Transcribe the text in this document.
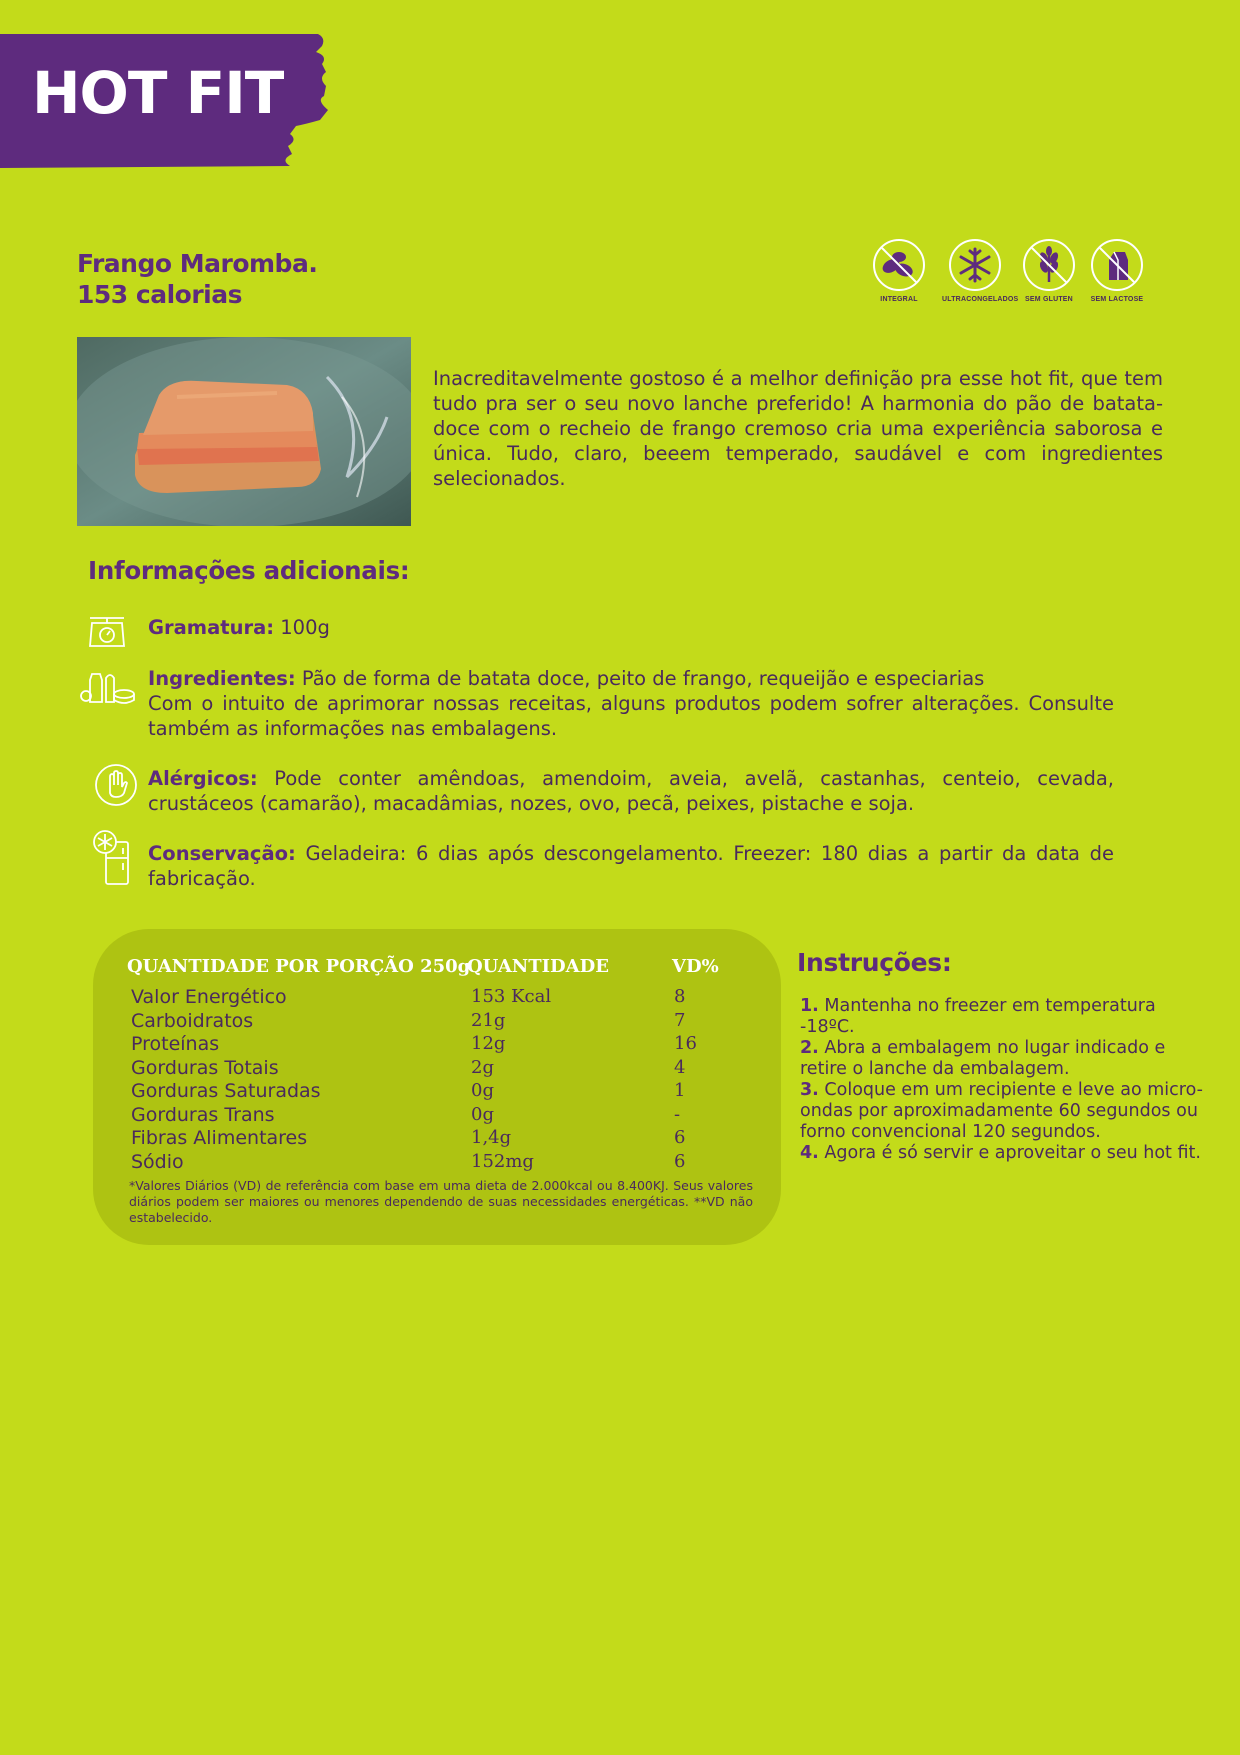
HOT FIT
Frango Maromba.
153 calorias	INTEGRAL	ULTRACONGELADOS SEM GLUTEN	SEM LACTOSE
Inacreditavelmente gostoso é a melhor definição pra esse hot fit, que tem tudo pra ser o seu novo lanche preferido! A harmonia do pão de batata-doce com o recheio de frango cremoso cria uma experiência saborosa e única. Tudo, claro, beeem temperado, saudável e com ingredientes selecionados.
Informações adicionais:
Gramatura: 100g
Ingredientes: Pão de forma de batata doce, peito de frango, requeijão e especiarias
Com o intuito de aprimorar nossas receitas, alguns produtos podem sofrer alterações. Consulte também as informações nas embalagens.
Alérgicos: Pode conter amêndoas, amendoim, aveia, avelã, castanhas, centeio, cevada, crustáceos (camarão), macadâmias, nozes, ovo, pecã, peixes, pistache e soja.
Conservação: Geladeira: 6 dias após descongelamento. Freezer: 180 dias a partir da data de fabricação.
QUANTIDADE POR PORÇÃO 250g
QUANTIDADE	VD%
Valor Energético	153 Kcal	8
Carboidratos	21g	7
Proteínas	12g	16
Gorduras Totais	2g	4
Gorduras Saturadas	0g	1
Gorduras Trans	0g	-
Fibras Alimentares	1,4g	6
Sódio	152mg	6
*Valores Diários (VD) de referência com base em uma dieta de 2.000kcal ou 8.400KJ. Seus valores diários podem ser maiores ou menores dependendo de suas necessidades energéticas. **VD não estabelecido.
Instruções:

1. Mantenha no freezer em temperatura -18ºC.

2. Abra a embalagem no lugar indicado e retire o lanche da embalagem.

3. Coloque em um recipiente e leve ao micro-ondas por aproximadamente 60 segundos ou forno convencional 120 segundos.

4. Agora é só servir e aproveitar o seu hot fit.
